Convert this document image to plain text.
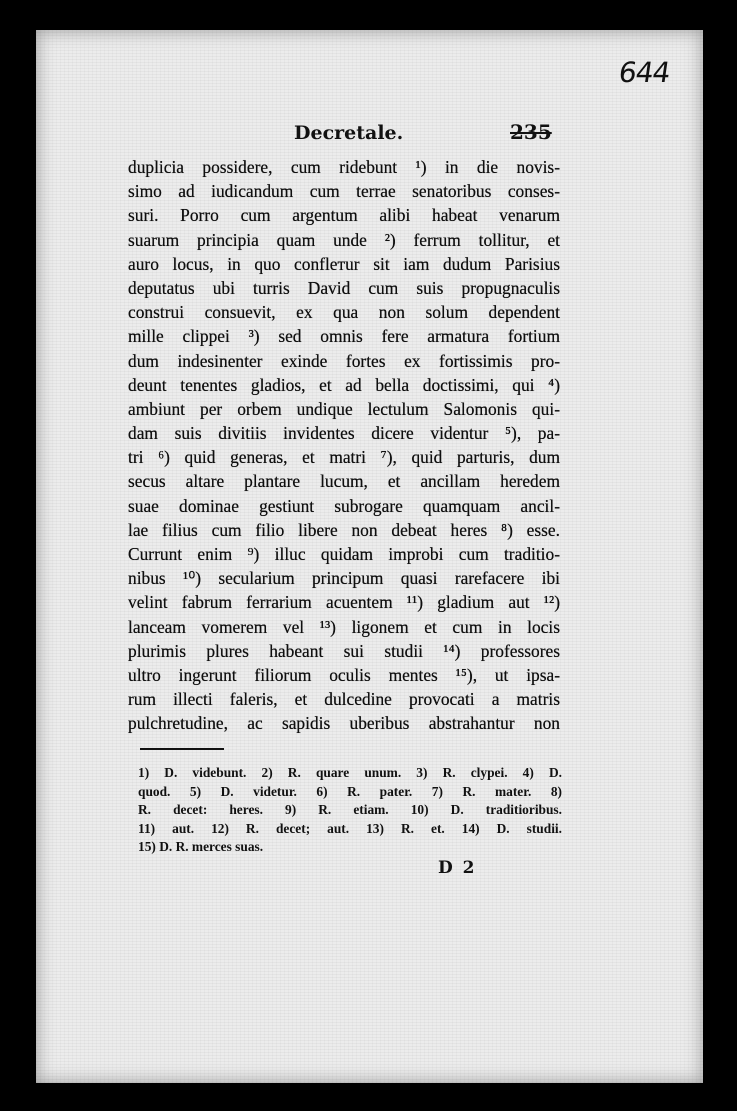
644
Decretale.	235
duplicia possidere, cum ridebunt ¹) in die novis-
simo ad iudicandum cum terrae senatoribus conses-
suri. Porro cum argentum alibi habeat venarum
suarum principia quam unde ²) ferrum tollitur, et
auro locus, in quo conflетur sit iam dudum Parisius
deputatus ubi turris David cum suis propugnaculis
construi consuevit, ex qua non solum dependent
mille clippei ³) sed omnis fere armatura fortium
dum indesinenter exinde fortes ex fortissimis pro-
deunt tenentes gladios, et ad bella doctissimi, qui ⁴)
ambiunt per orbem undique lectulum Salomonis qui-
dam suis divitiis invidentes dicere videntur ⁵), pa-
tri ⁶) quid generas, et matri ⁷), quid parturis, dum
secus altare plantare lucum, et ancillam heredem
suae dominae gestiunt subrogare quamquam ancil-
lae filius cum filio libere non debeat heres ⁸) esse.
Currunt enim ⁹) illuc quidam improbi cum traditio-
nibus ¹⁰) secularium principum quasi rarefacere ibi
velint fabrum ferrarium acuentem ¹¹) gladium aut ¹²)
lanceam vomerem vel ¹³) ligonem et cum in locis
plurimis plures habeant sui studii ¹⁴) professores
ultro ingerunt filiorum oculis mentes ¹⁵), ut ipsa-
rum illecti faleris, et dulcedine provocati a matris
pulchretudine, ac sapidis uberibus abstrahantur non
1) D. videbunt. 2) R. quare unum. 3) R. clypei. 4) D.
quod. 5) D. videtur. 6) R. pater. 7) R. mater. 8)
R. decet: heres. 9) R. etiam. 10) D. traditioribus.
11) aut. 12) R. decet; aut. 13) R. et. 14) D. studii.
15) D. R. merces suas.
D 2
